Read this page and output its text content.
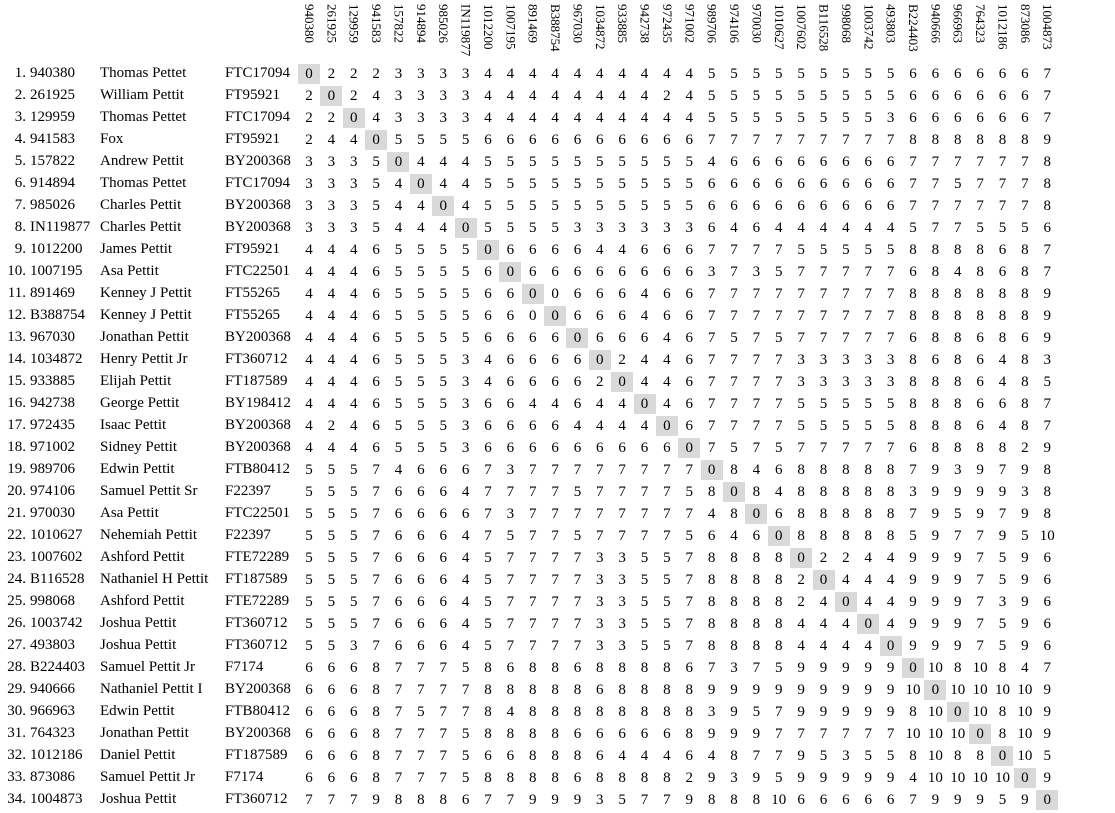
940380 261925 129959 941583 157822 914894 985026 IN119877 1012200 1007195 891469 B388754 967030 1034872 933885 942738 972435 971002 989706 974106 970030 1010627 1007602 B116528 998068 1003742 493803 B224403 940666 966963 764323 1012186 873086 1004873
1. 940380 Thomas Pettet	FTC17094	0 2 2 2 3 3 3 3 4 4 4 4 4 4 4 4 4 4 5 5 5 5 5 5 5 5 5 6 6 6 6 6 6 7
2. 261925 William Pettit	FT95921	2 0 2 4 3 3 3 3 4 4 4 4 4 4 4 4 2 4 5 5 5 5 5 5 5 5 5 6 6 6 6 6 6 7
3. 129959 Thomas Pettet	FTC17094	2 2 0 4 3 3 3 3 4 4 4 4 4 4 4 4 4 4 5 5 5 5 5 5 5 5 3 6 6 6 6 6 6 7
4. 941583 Fox	FT95921	2 4 4 0 5 5 5 5 6 6 6 6 6 6 6 6 6 6 7 7 7 7 7 7 7 7 7 8 8 8 8 8 8 9
5. 157822 Andrew Pettit	BY200368 3 3 3 5 0 4 4 4 5 5 5 5 5 5 5 5 5 5 4 6 6 6 6 6 6 6 6 7 7 7 7 7 7 8
6. 914894 Thomas Pettet	FTC17094	3 3 3 5 4 0 4 4 5 5 5 5 5 5 5 5 5 5 6 6 6 6 6 6 6 6 6 7 7 5 7 7 7 8
7. 985026 Charles Pettit	BY200368 3 3 3 5 4 4 0 4 5 5 5 5 5 5 5 5 5 5 6 6 6 6 6 6 6 6 6 7 7 7 7 7 7 8
8. IN119877 Charles Pettit	BY200368 3 3 3 5 4 4 4 0 5 5 5 5 3 3 3 3 3 3 6 4 6 4 4 4 4 4 4 5 7 7 5 5 5 6
9. 1012200 James Pettit	FT95921	4 4 4 6 5 5 5 5 0 6 6 6 6 4 4 6 6 6 7 7 7 7 5 5 5 5 5 8 8 8 8 6 8 7
10. 1007195 Asa Pettit	FTC22501	4 4 4 6 5 5 5 5 6 0 6 6 6 6 6 6 6 6 3 7 3 5 7 7 7 7 7 6 8 4 8 6 8 7
11. 891469 Kenney J Pettit FT55265	4 4 4 6 5 5 5 5 6 6 0 0 6 6 6 4 6 6 7 7 7 7 7 7 7 7 7 8 8 8 8 8 8 9
12. B388754 Kenney J Pettit FT55265	4 4 4 6 5 5 5 5 6 6 0 0 6 6 6 4 6 6 7 7 7 7 7 7 7 7 7 8 8 8 8 8 8 9
13. 967030 Jonathan Pettit BY200368 4 4 4 6 5 5 5 5 6 6 6 6 0 6 6 6 4 6 7 5 7 5 7 7 7 7 7 6 8 8 6 8 6 9
14. 1034872 Henry Pettit Jr	FT360712	4 4 4 6 5 5 5 3 4 6 6 6 6 0 2 4 4 6 7 7 7 7 3 3 3 3 3 8 6 8 6 4 8 3
15. 933885 Elijah Pettit	FT187589	4 4 4 6 5 5 5 3 4 6 6 6 6 2 0 4 4 6 7 7 7 7 3 3 3 3 3 8 8 8 6 4 8 5
16. 942738 George Pettit	BY198412 4 4 4 6 5 5 5 3 6 6 4 4 6 4 4 0 4 6 7 7 7 7 5 5 5 5 5 8 8 8 6 6 8 7
17. 972435 Isaac Pettit	BY200368 4 2 4 6 5 5 5 3 6 6 6 6 4 4 4 4 0 6 7 7 7 7 5 5 5 5 5 8 8 8 6 4 8 7
18. 971002 Sidney Pettit	BY200368 4 4 4 6 5 5 5 3 6 6 6 6 6 6 6 6 6 0 7 5 7 5 7 7 7 7 7 6 8 8 8 8 2 9
19. 989706 Edwin Pettit	FTB80412	5 5 5 7 4 6 6 6 7 3 7 7 7 7 7 7 7 7 0 8 4 6 8 8 8 8 8 7 9 3 9 7 9 8
20. 974106 Samuel Pettit Sr F22397	5 5 5 7 6 6 6 4 7 7 7 7 5 7 7 7 7 5 8 0 8 4 8 8 8 8 8 3 9 9 9 9 3 8
21. 970030 Asa Pettit	FTC22501	5 5 5 7 6 6 6 6 7 3 7 7 7 7 7 7 7 7 4 8 0 6 8 8 8 8 8 7 9 5 9 7 9 8
22. 1010627 Nehemiah Pettit F22397	5 5 5 7 6 6 6 4 7 5 7 7 5 7 7 7 7 5 6 4 6 0 8 8 8 8 8 5 9 7 7 9 5 10
23. 1007602 Ashford Pettit	FTE72289	5 5 5 7 6 6 6 4 5 7 7 7 7 3 3 5 5 7 8 8 8 8 0 2 2 4 4 9 9 9 7 5 9 6
24. B116528 Nathaniel H Pettit FT187589	5 5 5 7 6 6 6 4 5 7 7 7 7 3 3 5 5 7 8 8 8 8 2 0 4 4 4 9 9 9 7 5 9 6
25. 998068 Ashford Pettit	FTE72289	5 5 5 7 6 6 6 4 5 7 7 7 7 3 3 5 5 7 8 8 8 8 2 4 0 4 4 9 9 9 7 3 9 6
26. 1003742 Joshua Pettit	FT360712	5 5 5 7 6 6 6 4 5 7 7 7 7 3 3 5 5 7 8 8 8 8 4 4 4 0 4 9 9 9 7 5 9 6
27. 493803 Joshua Pettit	FT360712	5 5 3 7 6 6 6 4 5 7 7 7 7 3 3 5 5 7 8 8 8 8 4 4 4 4 0 9 9 9 7 5 9 6
28. B224403 Samuel Pettit Jr F7174	6 6 6 8 7 7 7 5 8 6 8 8 6 8 8 8 8 6 7 3 7 5 9 9 9 9 9 0 10 8 10 8 4 7
29. 940666 Nathaniel Pettit I BY200368 6 6 6 8 7 7 7 7 8 8 8 8 8 6 8 8 8 8 9 9 9 9 9 9 9 9 9 10 0 10 10 10 10 9
30. 966963 Edwin Pettit	FTB80412	6 6 6 8 7 5 7 7 8 4 8 8 8 8 8 8 8 8 3 9 5 7 9 9 9 9 9 8 10 0 10 8 10 9
31. 764323 Jonathan Pettit BY200368 6 6 6 8 7 7 7 5 8 8 8 8 6 6 6 6 6 8 9 9 9 7 7 7 7 7 7 10 10 10 0 8 10 9
32. 1012186 Daniel Pettit	FT187589	6 6 6 8 7 7 7 5 6 6 8 8 8 6 4 4 4 6 4 8 7 7 9 5 3 5 5 8 10 8 8 0 10 5
33. 873086 Samuel Pettit Jr F7174	6 6 6 8 7 7 7 5 8 8 8 8 6 8 8 8 8 2 9 3 9 5 9 9 9 9 9 4 10 10 10 10 0 9
34. 1004873 Joshua Pettit	FT360712	7 7 7 9 8 8 8 6 7 7 9 9 9 3 5 7 7 9 8 8 8 10 6 6 6 6 6 7 9 9 9 5 9 0
